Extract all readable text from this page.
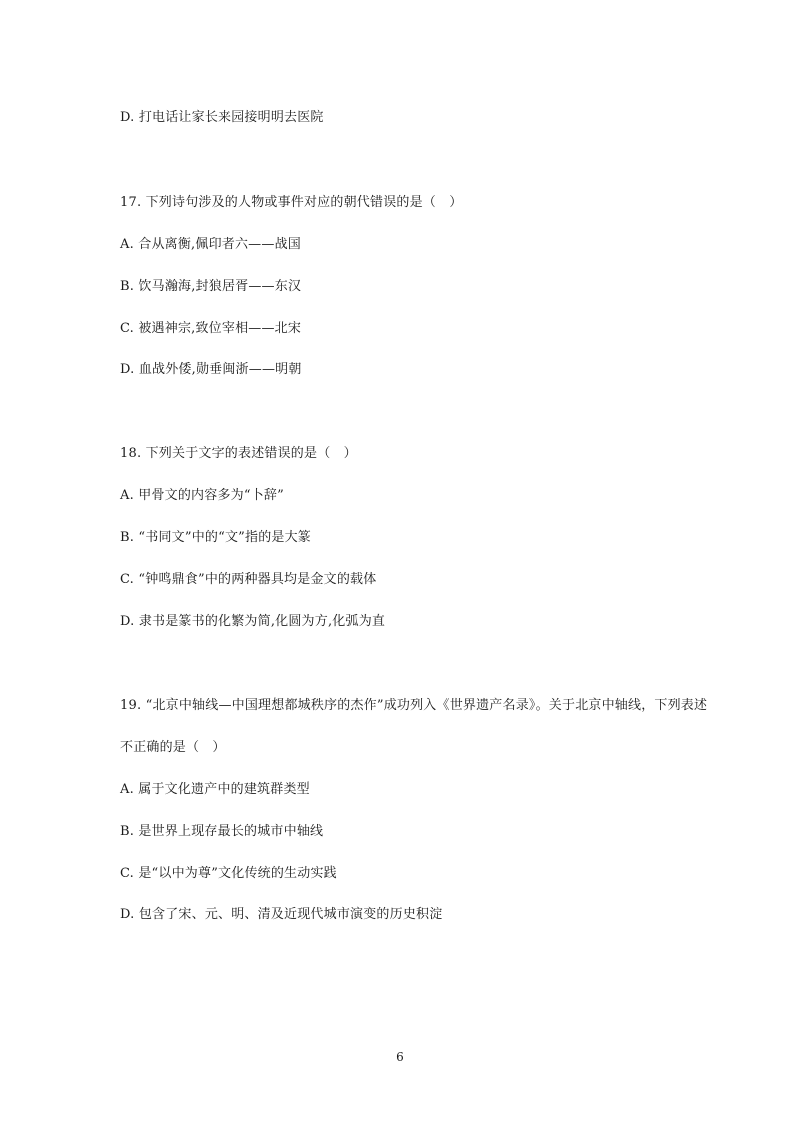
D. 打电话让家长来园接明明去医院
17. 下列诗句涉及的人物或事件对应的朝代错误的是（　）
A. 合从离衡,佩印者六——战国
B. 饮马瀚海,封狼居胥——东汉
C. 被遇神宗,致位宰相——北宋
D. 血战外倭,勋垂闽浙——明朝
18. 下列关于文字的表述错误的是（　）
A. 甲骨文的内容多为“卜辞”
B. “书同文”中的“文”指的是大篆
C. “钟鸣鼎食”中的两种器具均是金文的载体
D. 隶书是篆书的化繁为简,化圆为方,化弧为直
19. “北京中轴线—中国理想都城秩序的杰作”成功列入《世界遗产名录》。关于北京中轴线，下列表述
不正确的是（　）
A. 属于文化遗产中的建筑群类型
B. 是世界上现存最长的城市中轴线
C. 是“以中为尊”文化传统的生动实践
D. 包含了宋、元、明、清及近现代城市演变的历史积淀
6
